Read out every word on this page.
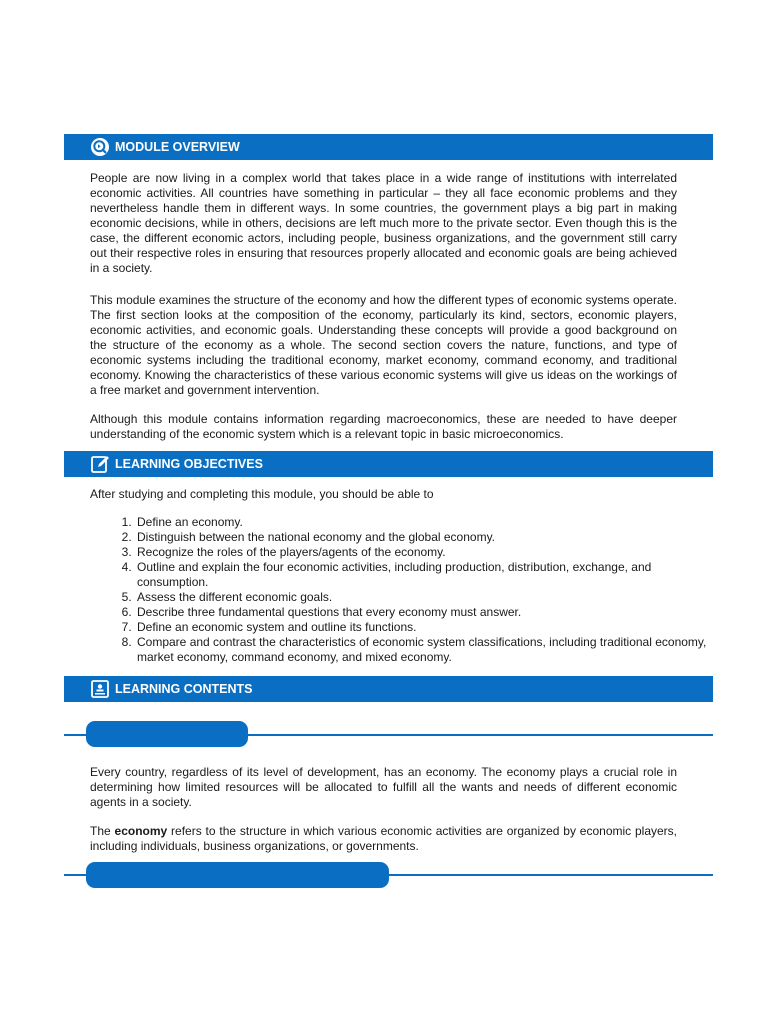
MODULE OVERVIEW

People are now living in a complex world that takes place in a wide range of institutions with interrelated economic activities. All countries have something in particular – they all face economic problems and they nevertheless handle them in different ways. In some countries, the government plays a big part in making economic decisions, while in others, decisions are left much more to the private sector. Even though this is the case, the different economic actors, including people, business organizations, and the government still carry out their respective roles in ensuring that resources properly allocated and economic goals are being achieved in a society.

This module examines the structure of the economy and how the different types of economic systems operate. The first section looks at the composition of the economy, particularly its kind, sectors, economic players, economic activities, and economic goals. Understanding these concepts will provide a good background on the structure of the economy as a whole. The second section covers the nature, functions, and type of economic systems including the traditional economy, market economy, command economy, and traditional economy. Knowing the characteristics of these various economic systems will give us ideas on the workings of a free market and government intervention.

Although this module contains information regarding macroeconomics, these are needed to have deeper understanding of the economic system which is a relevant topic in basic microeconomics.

LEARNING OBJECTIVES

After studying and completing this module, you should be able to

1. Define an economy.
2. Distinguish between the national economy and the global economy.
3. Recognize the roles of the players/agents of the economy.
4. Outline and explain the four economic activities, including production, distribution, exchange, and consumption.
5. Assess the different economic goals.
6. Describe three fundamental questions that every economy must answer.
7. Define an economic system and outline its functions.
8. Compare and contrast the characteristics of economic system classifications, including traditional economy, market economy, command economy, and mixed economy.
LEARNING CONTENTS

Every country, regardless of its level of development, has an economy. The economy plays a crucial role in determining how limited resources will be allocated to fulfill all the wants and needs of different economic agents in a society.

The economy refers to the structure in which various economic activities are organized by economic players, including individuals, business organizations, or governments.
